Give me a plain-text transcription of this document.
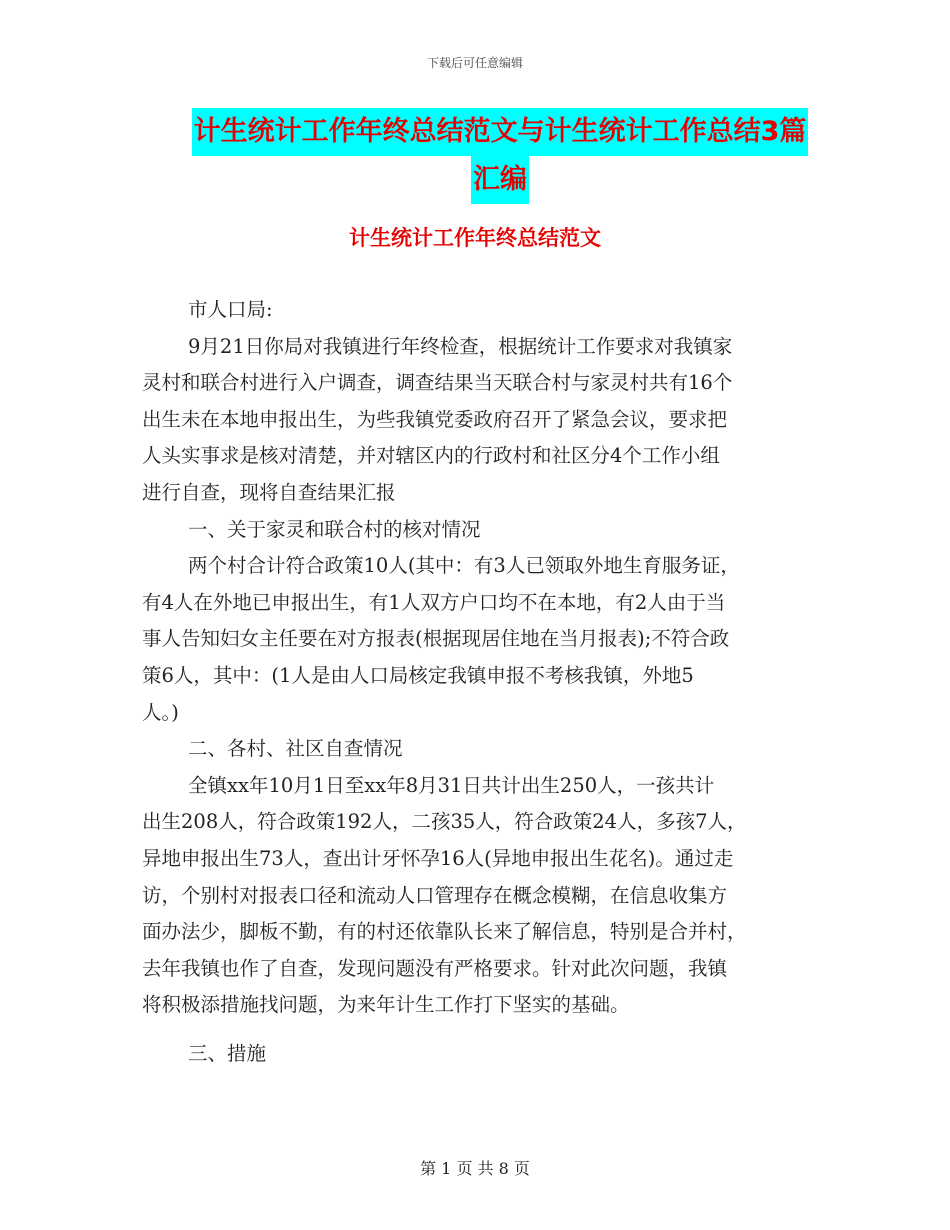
下载后可任意编辑
计生统计工作年终总结范文与计生统计工作总结3篇
汇编
计生统计工作年终总结范文

市人口局:

9月21日你局对我镇进行年终检查，根据统计工作要求对我镇家
灵村和联合村进行入户调查，调查结果当天联合村与家灵村共有16个
出生未在本地申报出生，为些我镇党委政府召开了紧急会议，要求把
人头实事求是核对清楚，并对辖区内的行政村和社区分4个工作小组
进行自查，现将自查结果汇报

一、关于家灵和联合村的核对情况

两个村合计符合政策10人(其中：有3人已领取外地生育服务证，
有4人在外地已申报出生，有1人双方户口均不在本地，有2人由于当
事人告知妇女主任要在对方报表(根据现居住地在当月报表);不符合政
策6人，其中：(1人是由人口局核定我镇申报不考核我镇，外地5
人。)

二、各村、社区自查情况

全镇xx年10月1日至xx年8月31日共计出生250人，一孩共计
出生208人，符合政策192人，二孩35人，符合政策24人，多孩7人，
异地申报出生73人，查出计牙怀孕16人(异地申报出生花名)。通过走
访，个别村对报表口径和流动人口管理存在概念模糊，在信息收集方
面办法少，脚板不勤，有的村还依靠队长来了解信息，特别是合并村，
去年我镇也作了自查，发现问题没有严格要求。针对此次问题，我镇
将积极添措施找问题，为来年计生工作打下坚实的基础。

三、措施

第 1 页 共 8 页
